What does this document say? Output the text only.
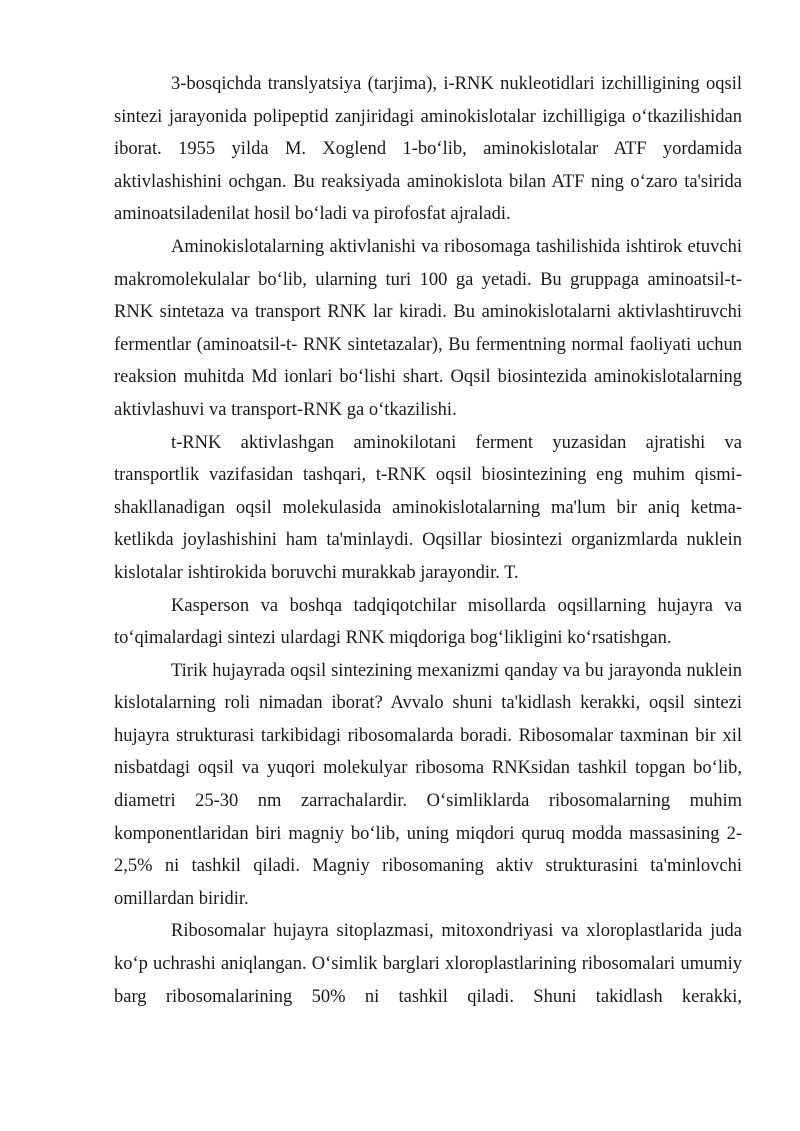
3-bosqichda translyatsiya (tarjima), i-RNK nukleotidlari izchilligining oqsil sintezi jarayonida polipeptid zanjiridagi aminokislotalar izchilligiga o‘tkazilishidan iborat. 1955 yilda M. Xoglend 1-bo‘lib, aminokislotalar ATF yordamida aktivlashishini ochgan. Bu reaksiyada aminokislota bilan ATF ning o‘zaro ta'sirida aminoatsiladenilat hosil bo‘ladi va pirofosfat ajraladi.

Aminokislotalarning aktivlanishi va ribosomaga tashilishida ishtirok etuvchi makromolekulalar bo‘lib, ularning turi 100 ga yetadi. Bu gruppaga aminoatsil-t-RNK sintetaza va transport RNK lar kiradi. Bu aminokislotalarni aktivlashtiruvchi fermentlar (aminoatsil-t- RNK sintetazalar), Bu fermentning normal faoliyati uchun reaksion muhitda Md ionlari bo‘lishi shart. Oqsil biosintezida aminokislotalarning aktivlashuvi va transport-RNK ga o‘tkazilishi.

t-RNK aktivlashgan aminokilotani ferment yuzasidan ajratishi va transportlik vazifasidan tashqari, t-RNK oqsil biosintezining eng muhim qismi-shakllanadigan oqsil molekulasida aminokislotalarning ma'lum bir aniq ketma-ketlikda joylashishini ham ta'minlaydi. Oqsillar biosintezi organizmlarda nuklein kislotalar ishtirokida boruvchi murakkab jarayondir. T.

Kasperson va boshqa tadqiqotchilar misollarda oqsillarning hujayra va to‘qimalardagi sintezi ulardagi RNK miqdoriga bog‘likligini ko‘rsatishgan.

Tirik hujayrada oqsil sintezining mexanizmi qanday va bu jarayonda nuklein kislotalarning roli nimadan iborat? Avvalo shuni ta'kidlash kerakki, oqsil sintezi hujayra strukturasi tarkibidagi ribosomalarda boradi. Ribosomalar taxminan bir xil nisbatdagi oqsil va yuqori molekulyar ribosoma RNKsidan tashkil topgan bo‘lib, diametri 25-30 nm zarrachalardir. O‘simliklarda ribosomalarning muhim komponentlaridan biri magniy bo‘lib, uning miqdori quruq modda massasining 2-2,5% ni tashkil qiladi. Magniy ribosomaning aktiv strukturasini ta'minlovchi omillardan biridir.

Ribosomalar hujayra sitoplazmasi, mitoxondriyasi va xloroplastlarida juda ko‘p uchrashi aniqlangan. O‘simlik barglari xloroplastlarining ribosomalari umumiy barg ribosomalarining 50% ni tashkil qiladi. Shuni takidlash kerakki,
